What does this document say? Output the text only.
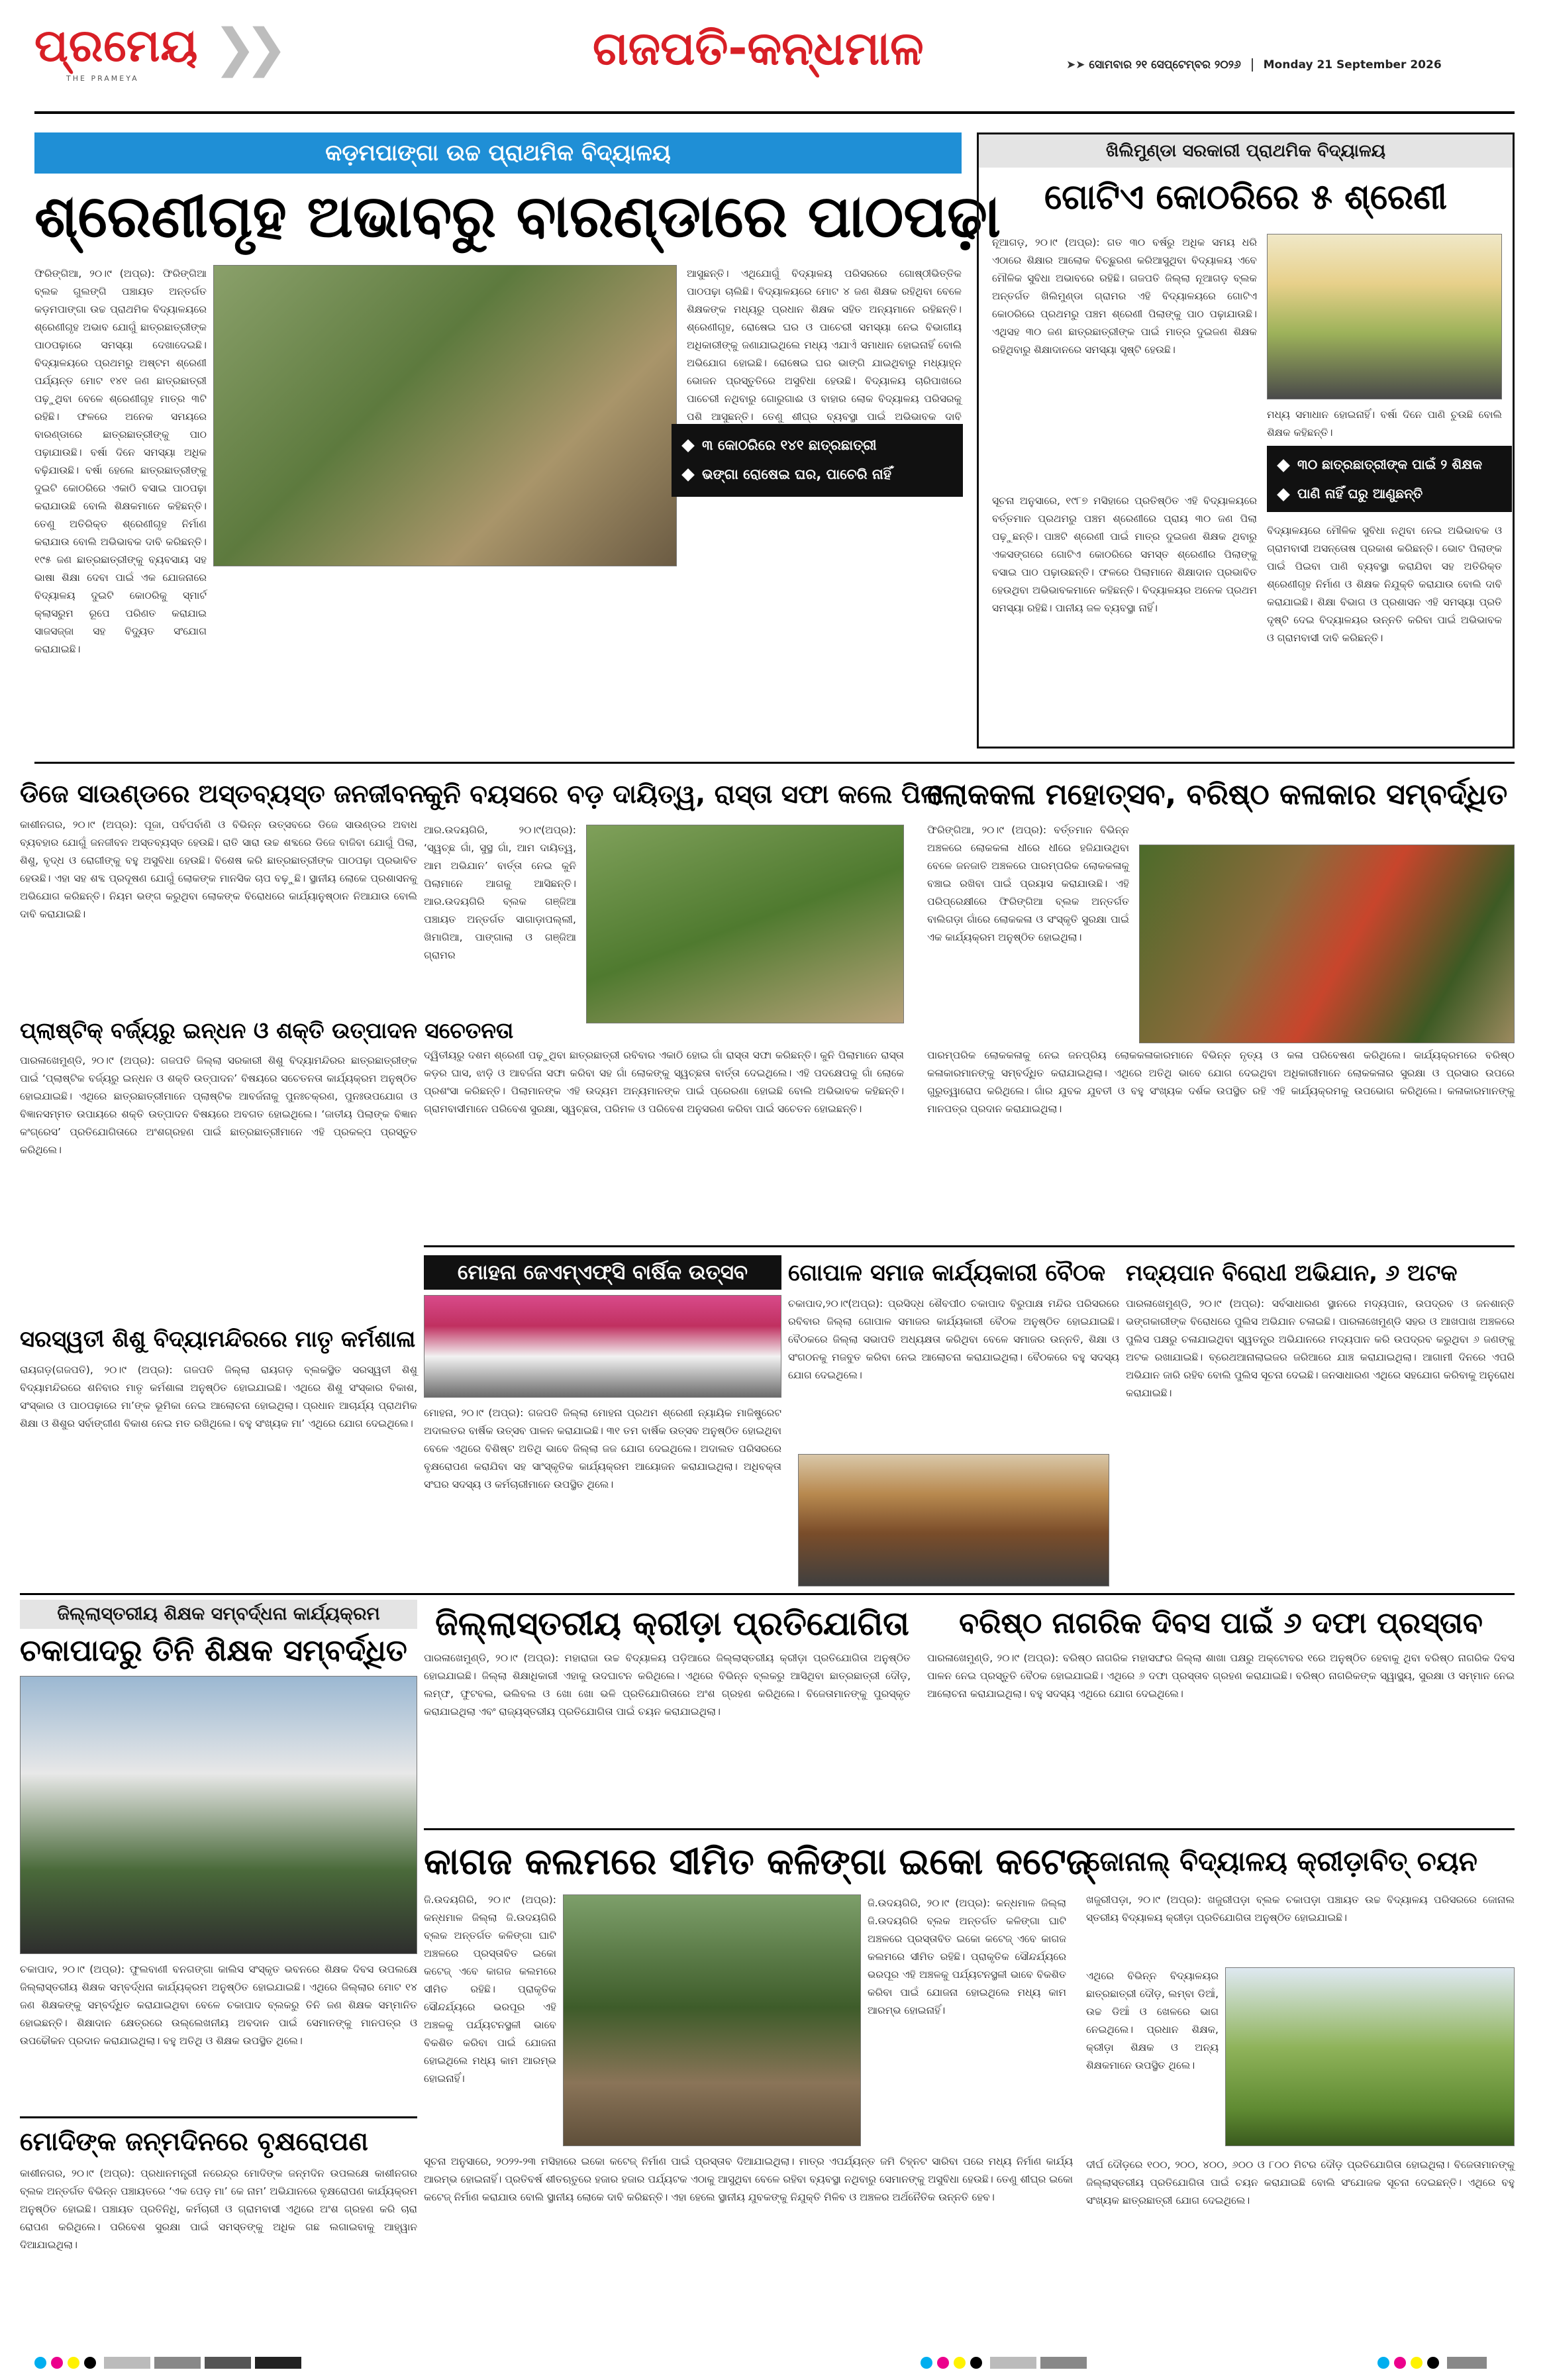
ପ୍ରମେୟ
THE PRAMEYA
❯❯	ଗଜପତି-କନ୍ଧମାଳ	➤➤ ସୋମବାର ୨୧ ସେପ୍ଟେମ୍ବର ୨୦୨୬ Monday 21 September 2026
କଡ଼ମପାଙ୍ଗା ଉଚ୍ଚ ପ୍ରାଥମିକ ବିଦ୍ୟାଳୟ
ଶ୍ରେଣୀଗୃହ ଅଭାବରୁ ବାରଣ୍ଡାରେ ପାଠପଢ଼ା
ଫିରିଙ୍ଗିଆ, ୨୦।୯ (ଅପ୍ର): ଫିରିଙ୍ଗିଆ ବ୍ଲକ ଗୁଲଙ୍ଗି ପଞ୍ଚାୟତ ଅନ୍ତର୍ଗତ କଡ଼ମପାଙ୍ଗା ଉଚ୍ଚ ପ୍ରାଥମିକ ବିଦ୍ୟାଳୟରେ ଶ୍ରେଣୀଗୃହ ଅଭାବ ଯୋଗୁଁ ଛାତ୍ରଛାତ୍ରୀଙ୍କ ପାଠପଢ଼ାରେ ସମସ୍ୟା ଦେଖାଦେଇଛି। ବିଦ୍ୟାଳୟରେ ପ୍ରଥମରୁ ଅଷ୍ଟମ ଶ୍ରେଣୀ ପର୍ଯ୍ୟନ୍ତ ମୋଟ ୧୪୧ ଜଣ ଛାତ୍ରଛାତ୍ରୀ ପଢ଼ୁଥିବା ବେଳେ ଶ୍ରେଣୀଗୃହ ମାତ୍ର ୩ଟି ରହିଛି। ଫଳରେ ଅନେକ ସମୟରେ ବାରଣ୍ଡାରେ ଛାତ୍ରଛାତ୍ରୀଙ୍କୁ ପାଠ ପଢ଼ାଯାଉଛି। ବର୍ଷା ଦିନେ ସମସ୍ୟା ଅଧିକ ବଢ଼ିଯାଉଛି। ବର୍ଷା ହେଲେ ଛାତ୍ରଛାତ୍ରୀଙ୍କୁ ଦୁଇଟି କୋଠରିରେ ଏକାଠି ବସାଇ ପାଠପଢ଼ା କରାଯାଉଛି ବୋଲି ଶିକ୍ଷକମାନେ କହିଛନ୍ତି। ତେଣୁ ଅତିରିକ୍ତ ଶ୍ରେଣୀଗୃହ ନିର୍ମାଣ କରାଯାଉ ବୋଲି ଅଭିଭାବକ ଦାବି କରିଛନ୍ତି। ୧୯୫ ଜଣ ଛାତ୍ରଛାତ୍ରୀଙ୍କୁ ବ୍ୟବସାୟ ସହ ଭାଷା ଶିକ୍ଷା ଦେବା ପାଇଁ ଏକ ଯୋଜନାରେ ବିଦ୍ୟାଳୟ ଦୁଇଟି କୋଠରିକୁ ସ୍ମାର୍ଟ କ୍ଲାସରୁମ ରୂପେ ପରିଣତ କରାଯାଇ ସାଜସଜ୍ଜା ସହ ବିଦ୍ୟୁତ ସଂଯୋଗ କରାଯାଇଛି।
ଆସୁଛନ୍ତି। ଏଥିଯୋଗୁଁ ବିଦ୍ୟାଳୟ ପରିସରରେ ଗୋଷ୍ଠୀଭିତ୍ତିକ ପାଠପଢ଼ା ଚାଲିଛି। ବିଦ୍ୟାଳୟରେ ମୋଟ ୪ ଜଣ ଶିକ୍ଷକ ରହିଥିବା ବେଳେ ଶିକ୍ଷକଙ୍କ ମଧ୍ୟରୁ ପ୍ରଧାନ ଶିକ୍ଷକ ସହିତ ଅନ୍ୟମାନେ ରହିଛନ୍ତି। ଶ୍ରେଣୀଗୃହ, ରୋଷେଇ ଘର ଓ ପାଚେରୀ ସମସ୍ୟା ନେଇ ବିଭାଗୀୟ ଅଧିକାରୀଙ୍କୁ ଜଣାଯାଇଥିଲେ ମଧ୍ୟ ଏଯାଏଁ ସମାଧାନ ହୋଇନାହିଁ ବୋଲି ଅଭିଯୋଗ ହୋଇଛି। ରୋଷେଇ ଘର ଭାଙ୍ଗି ଯାଇଥିବାରୁ ମଧ୍ୟାହ୍ନ ଭୋଜନ ପ୍ରସ୍ତୁତିରେ ଅସୁବିଧା ହେଉଛି। ବିଦ୍ୟାଳୟ ଚାରିପାଖରେ ପାଚେରୀ ନଥିବାରୁ ଗୋରୁଗାଈ ଓ ବାହାର ଲୋକ ବିଦ୍ୟାଳୟ ପରିସରକୁ ପଶି ଆସୁଛନ୍ତି। ତେଣୁ ଶୀଘ୍ର ବ୍ୟବସ୍ଥା ପାଇଁ ଅଭିଭାବକ ଦାବି
୩ କୋଠରିରେ ୧୪୧ ଛାତ୍ରଛାତ୍ରୀ
ଭଙ୍ଗା ରୋଷେଇ ଘର, ପାଚେରି ନାହିଁ
ଖିଲିମୁଣ୍ଡା ସରକାରୀ ପ୍ରାଥମିକ ବିଦ୍ୟାଳୟ
ଗୋଟିଏ କୋଠରିରେ ୫ ଶ୍ରେଣୀ
ନୂଆଗଡ଼, ୨୦।୯ (ଅପ୍ର): ଗତ ୩୦ ବର୍ଷରୁ ଅଧିକ ସମୟ ଧରି ଏଠାରେ ଶିକ୍ଷାର ଆଲୋକ ବିଚ୍ଛୁରଣ କରିଆସୁଥିବା ବିଦ୍ୟାଳୟ ଏବେ ମୌଳିକ ସୁବିଧା ଅଭାବରେ ରହିଛି। ଗଜପତି ଜିଲ୍ଲା ନୂଆଗଡ଼ ବ୍ଲକ ଅନ୍ତର୍ଗତ ଖିଲିମୁଣ୍ଡା ଗ୍ରାମର ଏହି ବିଦ୍ୟାଳୟରେ ଗୋଟିଏ କୋଠରିରେ ପ୍ରଥମରୁ ପଞ୍ଚମ ଶ୍ରେଣୀ ପିଲାଙ୍କୁ ପାଠ ପଢ଼ାଯାଉଛି। ଏଥିସହ ୩୦ ଜଣ ଛାତ୍ରଛାତ୍ରୀଙ୍କ ପାଇଁ ମାତ୍ର ଦୁଇଜଣ ଶିକ୍ଷକ ରହିଥିବାରୁ ଶିକ୍ଷାଦାନରେ ସମସ୍ୟା ସୃଷ୍ଟି ହେଉଛି।
ମଧ୍ୟ ସମାଧାନ ହୋଇନାହିଁ। ବର୍ଷା ଦିନେ ପାଣି ଚୁଉଛି ବୋଲି ଶିକ୍ଷକ କହିଛନ୍ତି।
୩୦ ଛାତ୍ରଛାତ୍ରୀଙ୍କ ପାଇଁ ୨ ଶିକ୍ଷକ
ପାଣି ନାହିଁ ଘରୁ ଆଣୁଛନ୍ତି
ସୂଚନା ଅନୁସାରେ, ୧୯୮୭ ମସିହାରେ ପ୍ରତିଷ୍ଠିତ ଏହି ବିଦ୍ୟାଳୟରେ ବର୍ତ୍ତମାନ ପ୍ରଥମରୁ ପଞ୍ଚମ ଶ୍ରେଣୀରେ ପ୍ରାୟ ୩୦ ଜଣ ପିଲା ପଢ଼ୁଛନ୍ତି। ପାଞ୍ଚଟି ଶ୍ରେଣୀ ପାଇଁ ମାତ୍ର ଦୁଇଜଣ ଶିକ୍ଷକ ଥିବାରୁ ଏକସଙ୍ଗରେ ଗୋଟିଏ କୋଠରିରେ ସମସ୍ତ ଶ୍ରେଣୀର ପିଲାଙ୍କୁ ବସାଇ ପାଠ ପଢ଼ାଉଛନ୍ତି। ଫଳରେ ପିଲାମାନେ ଶିକ୍ଷାଦାନ ପ୍ରଭାବିତ ହେଉଥିବା ଅଭିଭାବକମାନେ କହିଛନ୍ତି। ବିଦ୍ୟାଳୟର ଅନେକ ପ୍ରଥମ ସମସ୍ୟା ରହିଛି। ପାନୀୟ ଜଳ ବ୍ୟବସ୍ଥା ନାହିଁ।
ବିଦ୍ୟାଳୟରେ ମୌଳିକ ସୁବିଧା ନଥିବା ନେଇ ଅଭିଭାବକ ଓ ଗ୍ରାମବାସୀ ଅସନ୍ତୋଷ ପ୍ରକାଶ କରିଛନ୍ତି। ଭୋଟ ପିଲାଙ୍କ ପାଇଁ ପିଇବା ପାଣି ବ୍ୟବସ୍ଥା କରାଯିବା ସହ ଅତିରିକ୍ତ ଶ୍ରେଣୀଗୃହ ନିର୍ମାଣ ଓ ଶିକ୍ଷକ ନିଯୁକ୍ତି କରାଯାଉ ବୋଲି ଦାବି କରାଯାଇଛି। ଶିକ୍ଷା ବିଭାଗ ଓ ପ୍ରଶାସନ ଏହି ସମସ୍ୟା ପ୍ରତି ଦୃଷ୍ଟି ଦେଇ ବିଦ୍ୟାଳୟର ଉନ୍ନତି କରିବା ପାଇଁ ଅଭିଭାବକ ଓ ଗ୍ରାମବାସୀ ଦାବି କରିଛନ୍ତି।
ଡିଜେ ସାଉଣ୍ଡରେ ଅସ୍ତବ୍ୟସ୍ତ ଜନଜୀବନ
କାଶୀନଗର, ୨୦।୯ (ଅପ୍ର): ପୂଜା, ପର୍ବପର୍ବାଣି ଓ ବିଭିନ୍ନ ଉତ୍ସବରେ ଡିଜେ ସାଉଣ୍ଡର ଅବାଧ ବ୍ୟବହାର ଯୋଗୁଁ ଜନଜୀବନ ଅସ୍ତବ୍ୟସ୍ତ ହେଉଛି। ରାତି ସାରା ଉଚ୍ଚ ଶବ୍ଦରେ ଡିଜେ ବାଜିବା ଯୋଗୁଁ ପିଲା, ଶିଶୁ, ବୃଦ୍ଧ ଓ ରୋଗୀଙ୍କୁ ବହୁ ଅସୁବିଧା ହେଉଛି। ବିଶେଷ କରି ଛାତ୍ରଛାତ୍ରୀଙ୍କ ପାଠପଢ଼ା ପ୍ରଭାବିତ ହେଉଛି। ଏହା ସହ ଶବ୍ଦ ପ୍ରଦୂଷଣ ଯୋଗୁଁ ଲୋକଙ୍କ ମାନସିକ ଚାପ ବଢ଼ୁଛି। ସ୍ଥାନୀୟ ଲୋକେ ପ୍ରଶାସନକୁ ଅଭିଯୋଗ କରିଛନ୍ତି। ନିୟମ ଭଙ୍ଗ କରୁଥିବା ଲୋକଙ୍କ ବିରୋଧରେ କାର୍ଯ୍ୟାନୁଷ୍ଠାନ ନିଆଯାଉ ବୋଲି ଦାବି କରାଯାଇଛି।
ପ୍ଲାଷ୍ଟିକ୍ ବର୍ଜ୍ୟରୁ ଇନ୍ଧନ ଓ ଶକ୍ତି ଉତ୍ପାଦନ ସଚେତନତା
ପାରଳାଖେମୁଣ୍ଡି, ୨୦।୯ (ଅପ୍ର): ଗଜପତି ଜିଲ୍ଲା ସରକାରୀ ଶିଶୁ ବିଦ୍ୟାମନ୍ଦିରର ଛାତ୍ରଛାତ୍ରୀଙ୍କ ପାଇଁ ‘ପ୍ଲାଷ୍ଟିକ ବର୍ଜ୍ୟରୁ ଇନ୍ଧନ ଓ ଶକ୍ତି ଉତ୍ପାଦନ’ ବିଷୟରେ ସଚେତନତା କାର୍ଯ୍ୟକ୍ରମ ଅନୁଷ୍ଠିତ ହୋଇଯାଇଛି। ଏଥିରେ ଛାତ୍ରଛାତ୍ରୀମାନେ ପ୍ଲାଷ୍ଟିକ ଆବର୍ଜନାକୁ ପୁନଃଚକ୍ରଣ, ପୁନଃଉପଯୋଗ ଓ ବିଜ୍ଞାନସମ୍ମତ ଉପାୟରେ ଶକ୍ତି ଉତ୍ପାଦନ ବିଷୟରେ ଅବଗତ ହୋଇଥିଲେ। ‘ଜାତୀୟ ପିଲାଙ୍କ ବିଜ୍ଞାନ କଂଗ୍ରେସ’ ପ୍ରତିଯୋଗିତାରେ ଅଂଶଗ୍ରହଣ ପାଇଁ ଛାତ୍ରଛାତ୍ରୀମାନେ ଏହି ପ୍ରକଳ୍ପ ପ୍ରସ୍ତୁତ କରିଥିଲେ।
ସରସ୍ୱତୀ ଶିଶୁ ବିଦ୍ୟାମନ୍ଦିରରେ ମାତୃ କର୍ମଶାଳା
ରାୟଗଡ଼(ଗଜପତି), ୨୦।୯ (ଅପ୍ର): ଗଜପତି ଜିଲ୍ଲା ରାୟଗଡ଼ ବ୍ଲକସ୍ଥିତ ସରସ୍ୱତୀ ଶିଶୁ ବିଦ୍ୟାମନ୍ଦିରରେ ଶନିବାର ମାତୃ କର୍ମଶାଳା ଅନୁଷ୍ଠିତ ହୋଇଯାଇଛି। ଏଥିରେ ଶିଶୁ ସଂସ୍କାର ବିକାଶ, ସଂସ୍କାର ଓ ପାଠପଢ଼ାରେ ମା’ଙ୍କ ଭୂମିକା ନେଇ ଆଲୋଚନା ହୋଇଥିଲା। ପ୍ରଧାନ ଆଚାର୍ଯ୍ୟ ପ୍ରାଥମିକ ଶିକ୍ଷା ଓ ଶିଶୁର ସର୍ବାଙ୍ଗୀଣ ବିକାଶ ନେଇ ମତ ରଖିଥିଲେ। ବହୁ ସଂଖ୍ୟକ ମା’ ଏଥିରେ ଯୋଗ ଦେଇଥିଲେ।
କୁନି ବୟସରେ ବଡ଼ ଦାୟିତ୍ୱ, ରାସ୍ତା ସଫା କଲେ ପିଲା
ଆର.ଉଦୟଗିରି, ୨୦।୯(ଅପ୍ର): ‘ସ୍ୱଚ୍ଛ ଗାଁ, ସୁସ୍ଥ ଗାଁ, ଆମ ଦାୟିତ୍ୱ, ଆମ ଅଭିଯାନ’ ବାର୍ତ୍ତା ନେଇ କୁନି ପିଲାମାନେ ଆଗକୁ ଆସିଛନ୍ତି। ଆର.ଉଦୟଗିରି ବ୍ଲକ ଗଞ୍ଜିଆ ପଞ୍ଚାୟତ ଅନ୍ତର୍ଗତ ସାଗାଡ଼ାପଲ୍ଲୀ, ଖିମାଗିଆ, ପାଙ୍ଗାଲା ଓ ଗଞ୍ଜିଆ ଗ୍ରାମର
ଦ୍ୱିତୀୟରୁ ଦଶମ ଶ୍ରେଣୀ ପଢ଼ୁଥିବା ଛାତ୍ରଛାତ୍ରୀ ରବିବାର ଏକାଠି ହୋଇ ଗାଁ ରାସ୍ତା ସଫା କରିଛନ୍ତି। କୁନି ପିଲାମାନେ ରାସ୍ତା କଡ଼ର ଘାସ, ଝାଡ଼ି ଓ ଆବର୍ଜନା ସଫା କରିବା ସହ ଗାଁ ଲୋକଙ୍କୁ ସ୍ୱଚ୍ଛତା ବାର୍ତ୍ତା ଦେଇଥିଲେ। ଏହି ପଦକ୍ଷେପକୁ ଗାଁ ଲୋକେ ପ୍ରଶଂସା କରିଛନ୍ତି। ପିଲାମାନଙ୍କ ଏହି ଉଦ୍ୟମ ଅନ୍ୟମାନଙ୍କ ପାଇଁ ପ୍ରେରଣା ହୋଇଛି ବୋଲି ଅଭିଭାବକ କହିଛନ୍ତି। ଗ୍ରାମବାସୀମାନେ ପରିବେଶ ସୁରକ୍ଷା, ସ୍ୱଚ୍ଛତା, ପରିମଳ ଓ ପରିବେଶ ଅନୁସରଣ କରିବା ପାଇଁ ସଚେତନ ହୋଇଛନ୍ତି।
ଲୋକକଳା ମହୋତ୍ସବ, ବରିଷ୍ଠ କଳାକାର ସମ୍ବର୍ଦ୍ଧିତ
ଫିରିଙ୍ଗିଆ, ୨୦।୯ (ଅପ୍ର): ବର୍ତ୍ତମାନ ବିଭିନ୍ନ ଅଞ୍ଚଳରେ ଲୋକକଳା ଧୀରେ ଧୀରେ ହଜିଯାଉଥିବା ବେଳେ ଜନଜାତି ଅଞ୍ଚଳରେ ପାରମ୍ପରିକ ଲୋକକଳାକୁ ବଞ୍ଚାଇ ରଖିବା ପାଇଁ ପ୍ରୟାସ କରାଯାଉଛି। ଏହି ପରିପ୍ରେକ୍ଷୀରେ ଫିରିଙ୍ଗିଆ ବ୍ଲକ ଅନ୍ତର୍ଗତ ବାଲିଗଡ଼ା ଗାଁରେ ଲୋକକଳା ଓ ସଂସ୍କୃତି ସୁରକ୍ଷା ପାଇଁ ଏକ କାର୍ଯ୍ୟକ୍ରମ ଅନୁଷ୍ଠିତ ହୋଇଥିଲା।
ପାରମ୍ପରିକ ଲୋକକଳାକୁ ନେଇ ଜନପ୍ରିୟ ଲୋକକଳାକାରମାନେ ବିଭିନ୍ନ ନୃତ୍ୟ ଓ କଳା ପରିବେଷଣ କରିଥିଲେ। କାର୍ଯ୍ୟକ୍ରମରେ ବରିଷ୍ଠ କଳାକାରମାନଙ୍କୁ ସମ୍ବର୍ଦ୍ଧିତ କରାଯାଇଥିଲା। ଏଥିରେ ଅତିଥି ଭାବେ ଯୋଗ ଦେଇଥିବା ଅଧିକାରୀମାନେ ଲୋକକଳାର ସୁରକ୍ଷା ଓ ପ୍ରସାର ଉପରେ ଗୁରୁତ୍ୱାରୋପ କରିଥିଲେ। ଗାଁର ଯୁବକ ଯୁବତୀ ଓ ବହୁ ସଂଖ୍ୟକ ଦର୍ଶକ ଉପସ୍ଥିତ ରହି ଏହି କାର୍ଯ୍ୟକ୍ରମକୁ ଉପଭୋଗ କରିଥିଲେ। କଳାକାରମାନଙ୍କୁ ମାନପତ୍ର ପ୍ରଦାନ କରାଯାଇଥିଲା।
ମୋହନା ଜେଏମ୍ଏଫ୍‌ସି ବାର୍ଷିକ ଉତ୍ସବ
ମୋହନା, ୨୦।୯ (ଅପ୍ର): ଗଜପତି ଜିଲ୍ଲା ମୋହନା ପ୍ରଥମ ଶ୍ରେଣୀ ନ୍ୟାୟିକ ମାଜିଷ୍ଟ୍ରେଟ ଅଦାଲତର ବାର୍ଷିକ ଉତ୍ସବ ପାଳନ କରାଯାଇଛି। ୩୧ ତମ ବାର୍ଷିକ ଉତ୍ସବ ଅନୁଷ୍ଠିତ ହୋଇଥିବା ବେଳେ ଏଥିରେ ବିଶିଷ୍ଟ ଅତିଥି ଭାବେ ଜିଲ୍ଲା ଜଜ ଯୋଗ ଦେଇଥିଲେ। ଅଦାଲତ ପରିସରରେ ବୃକ୍ଷରୋପଣ କରାଯିବା ସହ ସାଂସ୍କୃତିକ କାର୍ଯ୍ୟକ୍ରମ ଆୟୋଜନ କରାଯାଇଥିଲା। ଅଧିବକ୍ତା ସଂଘର ସଦସ୍ୟ ଓ କର୍ମଚାରୀମାନେ ଉପସ୍ଥିତ ଥିଲେ।
ଗୋପାଳ ସମାଜ କାର୍ଯ୍ୟକାରୀ ବୈଠକ
ଚକାପାଦ,୨୦।୯(ଅପ୍ର): ପ୍ରସିଦ୍ଧ ଶୈବପୀଠ ଚକାପାଦ ବିରୁପାକ୍ଷ ମନ୍ଦିର ପରିସରରେ ରବିବାର ଜିଲ୍ଲା ଗୋପାଳ ସମାଜର କାର୍ଯ୍ୟକାରୀ ବୈଠକ ଅନୁଷ୍ଠିତ ହୋଇଯାଇଛି। ବୈଠକରେ ଜିଲ୍ଲା ସଭାପତି ଅଧ୍ୟକ୍ଷତା କରିଥିବା ବେଳେ ସମାଜର ଉନ୍ନତି, ଶିକ୍ଷା ଓ ସଂଗଠନକୁ ମଜବୁତ କରିବା ନେଇ ଆଲୋଚନା କରାଯାଇଥିଲା। ବୈଠକରେ ବହୁ ସଦସ୍ୟ ଯୋଗ ଦେଇଥିଲେ।
ମଦ୍ୟପାନ ବିରୋଧୀ ଅଭିଯାନ, ୬ ଅଟକ
ପାରଳାଖେମୁଣ୍ଡି, ୨୦।୯ (ଅପ୍ର): ସର୍ବସାଧାରଣ ସ୍ଥାନରେ ମଦ୍ୟପାନ, ଉପଦ୍ରବ ଓ ଜନଶାନ୍ତି ଭଙ୍ଗକାରୀଙ୍କ ବିରୋଧରେ ପୁଲିସ ଅଭିଯାନ ଚଳାଇଛି। ପାରଳାଖେମୁଣ୍ଡି ସହର ଓ ଆଖପାଖ ଅଞ୍ଚଳରେ ପୁଲିସ ପକ୍ଷରୁ ଚଳାଯାଇଥିବା ସ୍ୱତନ୍ତ୍ର ଅଭିଯାନରେ ମଦ୍ୟପାନ କରି ଉପଦ୍ରବ କରୁଥିବା ୬ ଜଣଙ୍କୁ ଅଟକ ରଖାଯାଇଛି। ବ୍ରେଥଆନାଲାଇଜର ଜରିଆରେ ଯାଞ୍ଚ କରାଯାଇଥିଲା। ଆଗାମୀ ଦିନରେ ଏପରି ଅଭିଯାନ ଜାରି ରହିବ ବୋଲି ପୁଲିସ ସୂଚନା ଦେଇଛି। ଜନସାଧାରଣ ଏଥିରେ ସହଯୋଗ କରିବାକୁ ଅନୁରୋଧ କରାଯାଇଛି।
ଜିଲ୍ଲାସ୍ତରୀୟ ଶିକ୍ଷକ ସମ୍ବର୍ଦ୍ଧନା କାର୍ଯ୍ୟକ୍ରମ
ଚକାପାଦରୁ ତିନି ଶିକ୍ଷକ ସମ୍ବର୍ଦ୍ଧିତ
ଚକାପାଦ, ୨୦।୯ (ଅପ୍ର): ଫୁଲବାଣୀ ବନଗଙ୍ଗା କାଲିସ ସଂସ୍କୃତ ଭବନରେ ଶିକ୍ଷକ ଦିବସ ଉପଲକ୍ଷେ ଜିଲ୍ଲାସ୍ତରୀୟ ଶିକ୍ଷକ ସମ୍ବର୍ଦ୍ଧନା କାର୍ଯ୍ୟକ୍ରମ ଅନୁଷ୍ଠିତ ହୋଇଯାଇଛି। ଏଥିରେ ଜିଲ୍ଲାର ମୋଟ ୧୪ ଜଣ ଶିକ୍ଷକଙ୍କୁ ସମ୍ବର୍ଦ୍ଧିତ କରାଯାଇଥିବା ବେଳେ ଚକାପାଦ ବ୍ଲକରୁ ତିନି ଜଣ ଶିକ୍ଷକ ସମ୍ମାନିତ ହୋଇଛନ୍ତି। ଶିକ୍ଷାଦାନ କ୍ଷେତ୍ରରେ ଉଲ୍ଲେଖନୀୟ ଅବଦାନ ପାଇଁ ସେମାନଙ୍କୁ ମାନପତ୍ର ଓ ଉପଢୌକନ ପ୍ରଦାନ କରାଯାଇଥିଲା। ବହୁ ଅତିଥି ଓ ଶିକ୍ଷକ ଉପସ୍ଥିତ ଥିଲେ।
ଜିଲ୍ଲାସ୍ତରୀୟ କ୍ରୀଡ଼ା ପ୍ରତିଯୋଗିତା
ପାରଳାଖେମୁଣ୍ଡି, ୨୦।୯ (ଅପ୍ର): ମହାରାଜା ଉଚ୍ଚ ବିଦ୍ୟାଳୟ ପଡ଼ିଆରେ ଜିଲ୍ଲାସ୍ତରୀୟ କ୍ରୀଡ଼ା ପ୍ରତିଯୋଗିତା ଅନୁଷ୍ଠିତ ହୋଇଯାଇଛି। ଜିଲ୍ଲା ଶିକ୍ଷାଧିକାରୀ ଏହାକୁ ଉଦଘାଟନ କରିଥିଲେ। ଏଥିରେ ବିଭିନ୍ନ ବ୍ଲକରୁ ଆସିଥିବା ଛାତ୍ରଛାତ୍ରୀ ଦୌଡ଼, ଲମ୍ଫ, ଫୁଟବଲ, ଭଲିବଲ ଓ ଖୋ ଖୋ ଭଳି ପ୍ରତିଯୋଗିତାରେ ଅଂଶ ଗ୍ରହଣ କରିଥିଲେ। ବିଜେତାମାନଙ୍କୁ ପୁରସ୍କୃତ କରାଯାଇଥିଲା ଏବଂ ରାଜ୍ୟସ୍ତରୀୟ ପ୍ରତିଯୋଗିତା ପାଇଁ ଚୟନ କରାଯାଇଥିଲା।
ବରିଷ୍ଠ ନାଗରିକ ଦିବସ ପାଇଁ ୬ ଦଫା ପ୍ରସ୍ତାବ
ପାରଳାଖେମୁଣ୍ଡି, ୨୦।୯ (ଅପ୍ର): ବରିଷ୍ଠ ନାଗରିକ ମହାସଙ୍ଘର ଜିଲ୍ଲା ଶାଖା ପକ୍ଷରୁ ଅକ୍ଟୋବର ୧ରେ ଅନୁଷ୍ଠିତ ହେବାକୁ ଥିବା ବରିଷ୍ଠ ନାଗରିକ ଦିବସ ପାଳନ ନେଇ ପ୍ରସ୍ତୁତି ବୈଠକ ହୋଇଯାଇଛି। ଏଥିରେ ୬ ଦଫା ପ୍ରସ୍ତାବ ଗ୍ରହଣ କରାଯାଇଛି। ବରିଷ୍ଠ ନାଗରିକଙ୍କ ସ୍ୱାସ୍ଥ୍ୟ, ସୁରକ୍ଷା ଓ ସମ୍ମାନ ନେଇ ଆଲୋଚନା କରାଯାଇଥିଲା। ବହୁ ସଦସ୍ୟ ଏଥିରେ ଯୋଗ ଦେଇଥିଲେ।
କାଗଜ କଲମରେ ସୀମିତ କଳିଙ୍ଗା ଇକୋ କଟେଜ୍
ଜି.ଉଦୟଗିରି, ୨୦।୯ (ଅପ୍ର): କନ୍ଧମାଳ ଜିଲ୍ଲା ଜି.ଉଦୟଗିରି ବ୍ଲକ ଅନ୍ତର୍ଗତ କଳିଙ୍ଗା ଘାଟି ଅଞ୍ଚଳରେ ପ୍ରସ୍ତାବିତ ଇକୋ କଟେଜ୍ ଏବେ କାଗଜ କଲମରେ ସୀମିତ ରହିଛି। ପ୍ରାକୃତିକ ସୌନ୍ଦର୍ଯ୍ୟରେ ଭରପୂର ଏହି ଅଞ୍ଚଳକୁ ପର୍ଯ୍ୟଟନସ୍ଥଳୀ ଭାବେ ବିକଶିତ କରିବା ପାଇଁ ଯୋଜନା ହୋଇଥିଲେ ମଧ୍ୟ କାମ ଆରମ୍ଭ ହୋଇନାହିଁ।
ଜି.ଉଦୟଗିରି, ୨୦।୯ (ଅପ୍ର): କନ୍ଧମାଳ ଜିଲ୍ଲା ଜି.ଉଦୟଗିରି ବ୍ଲକ ଅନ୍ତର୍ଗତ କଳିଙ୍ଗା ଘାଟି ଅଞ୍ଚଳରେ ପ୍ରସ୍ତାବିତ ଇକୋ କଟେଜ୍ ଏବେ କାଗଜ କଲମରେ ସୀମିତ ରହିଛି। ପ୍ରାକୃତିକ ସୌନ୍ଦର୍ଯ୍ୟରେ ଭରପୂର ଏହି ଅଞ୍ଚଳକୁ ପର୍ଯ୍ୟଟନସ୍ଥଳୀ ଭାବେ ବିକଶିତ କରିବା ପାଇଁ ଯୋଜନା ହୋଇଥିଲେ ମଧ୍ୟ କାମ ଆରମ୍ଭ ହୋଇନାହିଁ।
ସୂଚନା ଅନୁସାରେ, ୨୦୨୨-୨୩ ମସିହାରେ ଇକୋ କଟେଜ୍ ନିର୍ମାଣ ପାଇଁ ପ୍ରସ୍ତାବ ଦିଆଯାଇଥିଲା। ମାତ୍ର ଏପର୍ଯ୍ୟନ୍ତ ଜମି ଚିହ୍ନଟ ସାରିବା ପରେ ମଧ୍ୟ ନିର୍ମାଣ କାର୍ଯ୍ୟ ଆରମ୍ଭ ହୋଇନାହିଁ। ପ୍ରତିବର୍ଷ ଶୀତଋତୁରେ ହଜାର ହଜାର ପର୍ଯ୍ୟଟକ ଏଠାକୁ ଆସୁଥିବା ବେଳେ ରହିବା ବ୍ୟବସ୍ଥା ନଥିବାରୁ ସେମାନଙ୍କୁ ଅସୁବିଧା ହେଉଛି। ତେଣୁ ଶୀଘ୍ର ଇକୋ କଟେଜ୍ ନିର୍ମାଣ କରାଯାଉ ବୋଲି ସ୍ଥାନୀୟ ଲୋକେ ଦାବି କରିଛନ୍ତି। ଏହା ହେଲେ ସ୍ଥାନୀୟ ଯୁବକଙ୍କୁ ନିଯୁକ୍ତି ମିଳିବ ଓ ଅଞ୍ଚଳର ଅର୍ଥନୈତିକ ଉନ୍ନତି ହେବ।
ଜୋନାଲ୍ ବିଦ୍ୟାଳୟ କ୍ରୀଡ଼ାବିତ୍ ଚୟନ
ଖଜୁରୀପଡ଼ା, ୨୦।୯ (ଅପ୍ର): ଖଜୁରୀପଡ଼ା ବ୍ଲକ ଚକାପଡ଼ା ପଞ୍ଚାୟତ ଉଚ୍ଚ ବିଦ୍ୟାଳୟ ପରିସରରେ ଜୋନାଲ ସ୍ତରୀୟ ବିଦ୍ୟାଳୟ କ୍ରୀଡ଼ା ପ୍ରତିଯୋଗିତା ଅନୁଷ୍ଠିତ ହୋଇଯାଇଛି।
ଏଥିରେ ବିଭିନ୍ନ ବିଦ୍ୟାଳୟର ଛାତ୍ରଛାତ୍ରୀ ଦୌଡ଼, ଲମ୍ବା ଡିଆଁ, ଉଚ୍ଚ ଡିଆଁ ଓ ଖେଳରେ ଭାଗ ନେଇଥିଲେ। ପ୍ରଧାନ ଶିକ୍ଷକ, କ୍ରୀଡ଼ା ଶିକ୍ଷକ ଓ ଅନ୍ୟ ଶିକ୍ଷକମାନେ ଉପସ୍ଥିତ ଥିଲେ।
ଦୀର୍ଘ ଦୌଡ଼ରେ ୧୦୦, ୨୦୦, ୪୦୦, ୬୦୦ ଓ ୮୦୦ ମିଟର ଦୌଡ଼ ପ୍ରତିଯୋଗିତା ହୋଇଥିଲା। ବିଜେତାମାନଙ୍କୁ ଜିଲ୍ଲାସ୍ତରୀୟ ପ୍ରତିଯୋଗିତା ପାଇଁ ଚୟନ କରାଯାଇଛି ବୋଲି ସଂଯୋଜକ ସୂଚନା ଦେଇଛନ୍ତି। ଏଥିରେ ବହୁ ସଂଖ୍ୟକ ଛାତ୍ରଛାତ୍ରୀ ଯୋଗ ଦେଇଥିଲେ।
ମୋଦିଙ୍କ ଜନ୍ମଦିନରେ ବୃକ୍ଷରୋପଣ
କାଶୀନଗର, ୨୦।୯ (ଅପ୍ର): ପ୍ରଧାନମନ୍ତ୍ରୀ ନରେନ୍ଦ୍ର ମୋଦିଙ୍କ ଜନ୍ମଦିନ ଉପଲକ୍ଷେ କାଶୀନଗର ବ୍ଲକ ଅନ୍ତର୍ଗତ ବିଭିନ୍ନ ପଞ୍ଚାୟତରେ ‘ଏକ ପେଡ଼ ମା’ କେ ନାମ’ ଅଭିଯାନରେ ବୃକ୍ଷରୋପଣ କାର୍ଯ୍ୟକ୍ରମ ଅନୁଷ୍ଠିତ ହୋଇଛି। ପଞ୍ଚାୟତ ପ୍ରତିନିଧି, କର୍ମଚାରୀ ଓ ଗ୍ରାମବାସୀ ଏଥିରେ ଅଂଶ ଗ୍ରହଣ କରି ଚାରା ରୋପଣ କରିଥିଲେ। ପରିବେଶ ସୁରକ୍ଷା ପାଇଁ ସମସ୍ତଙ୍କୁ ଅଧିକ ଗଛ ଲଗାଇବାକୁ ଆହ୍ୱାନ ଦିଆଯାଇଥିଲା।
